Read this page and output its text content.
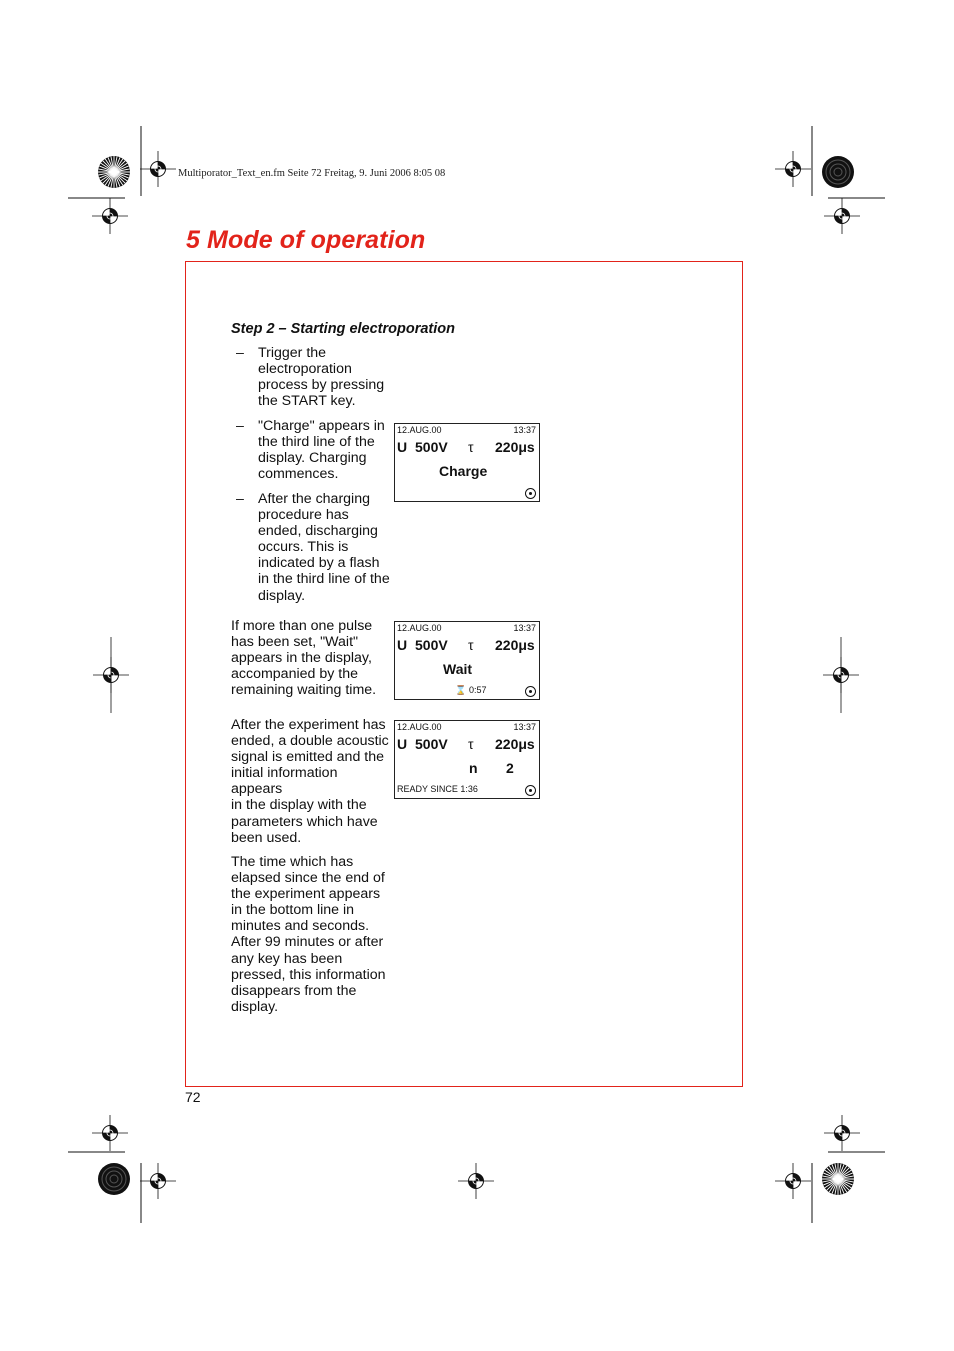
Multiporator_Text_en.fm Seite 72 Freitag, 9. Juni 2006 8:05 08
5 Mode of operation
Step 2 – Starting electroporation
– Trigger the electroporation process by pressing the START key.
– "Charge" appears in the third line of the display. Charging commences.
– After the charging procedure has ended, discharging occurs. This is indicated by a flash in the third line of the display.
If more than one pulse has been set, "Wait" appears in the display, accompanied by the remaining waiting time.
After the experiment has ended, a double acoustic signal is emitted and the initial information appears
in the display with the parameters which have been used.
The time which has elapsed since the end of the experiment appears in the bottom line in minutes and seconds. After 99 minutes or after any key has been pressed, this information disappears from the display.
12.AUG.00	13:37
U 500V τ 220μs
Charge
12.AUG.00	13:37
U 500V τ 220μs
Wait
⌛ 0:57
12.AUG.00	13:37
U 500V τ 220μs
n 2
READY SINCE 1:36
72
